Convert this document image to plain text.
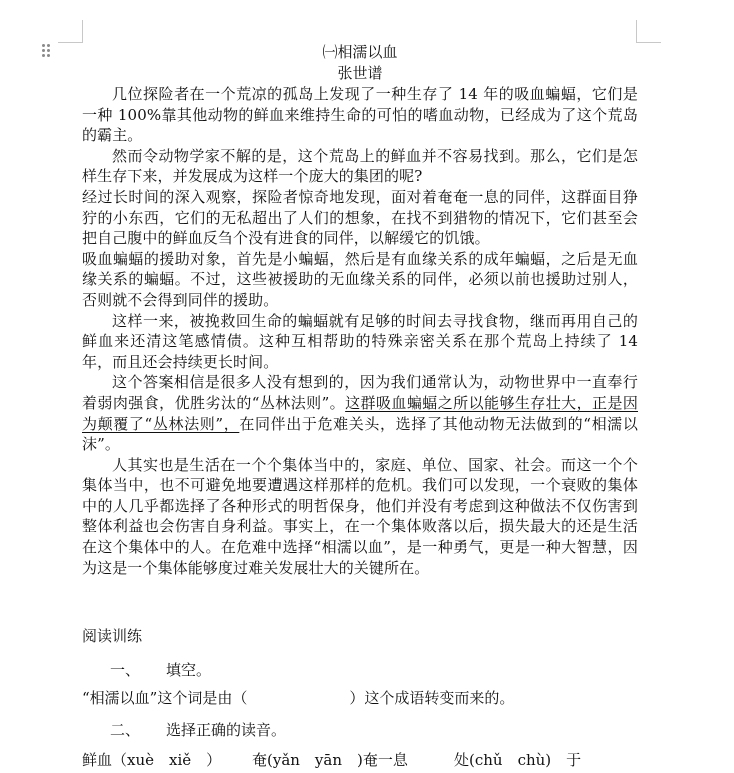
㈠相濡以血
张世谱

几位探险者在一个荒凉的孤岛上发现了一种生存了 14 年的吸血蝙蝠，它们是一种 100%靠其他动物的鲜血来维持生命的可怕的嗜血动物，已经成为了这个荒岛的霸主。

然而令动物学家不解的是，这个荒岛上的鲜血并不容易找到。那么，它们是怎样生存下来，并发展成为这样一个庞大的集团的呢?

经过长时间的深入观察，探险者惊奇地发现，面对着奄奄一息的同伴，这群面目狰狞的小东西，它们的无私超出了人们的想象，在找不到猎物的情况下，它们甚至会把自己腹中的鲜血反刍个没有进食的同伴，以解缓它的饥饿。

吸血蝙蝠的援助对象，首先是小蝙蝠，然后是有血缘关系的成年蝙蝠，之后是无血缘关系的蝙蝠。不过，这些被援助的无血缘关系的同伴，必须以前也援助过别人，否则就不会得到同伴的援助。

这样一来，被挽救回生命的蝙蝠就有足够的时间去寻找食物，继而再用自己的鲜血来还清这笔感情债。这种互相帮助的特殊亲密关系在那个荒岛上持续了 14 年，而且还会持续更长时间。

这个答案相信是很多人没有想到的，因为我们通常认为，动物世界中一直奉行着弱肉强食，优胜劣汰的“丛林法则”。这群吸血蝙蝠之所以能够生存壮大，正是因为颠覆了“丛林法则”，在同伴出于危难关头，选择了其他动物无法做到的“相濡以沫”。

人其实也是生活在一个个集体当中的，家庭、单位、国家、社会。而这一个个集体当中，也不可避免地要遭遇这样那样的危机。我们可以发现，一个衰败的集体中的人几乎都选择了各种形式的明哲保身，他们并没有考虑到这种做法不仅伤害到整体利益也会伤害自身利益。事实上，在一个集体败落以后，损失最大的还是生活在这个集体中的人。在危难中选择“相濡以血”，是一种勇气，更是一种大智慧，因为这是一个集体能够度过难关发展壮大的关键所在。

阅读训练
一、 填空。
“相濡以血”这个词是由（	）这个成语转变而来的。
二、 选择正确的读音。
鲜血（xuè　xiě　） 奄(yǎn　yān　)奄一息	处(chǔ　chù)　于
